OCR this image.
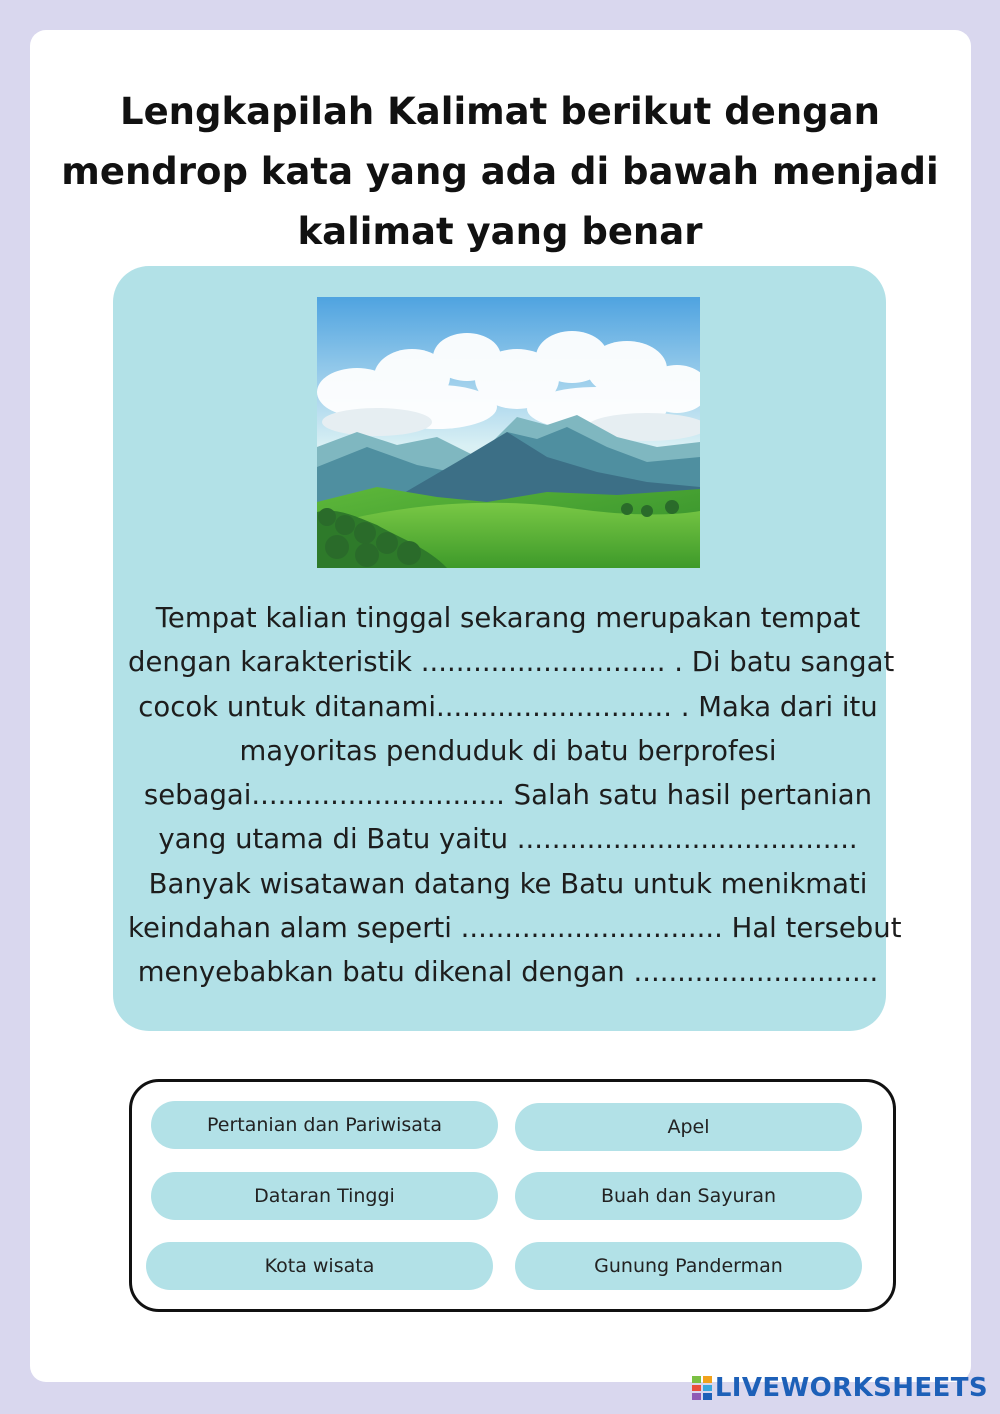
Lengkapilah Kalimat berikut dengan
mendrop kata yang ada di bawah menjadi
kalimat yang benar
Tempat kalian tinggal sekarang merupakan tempat
dengan karakteristik ............................ . Di batu sangat
cocok untuk ditanami........................... . Maka dari itu
mayoritas penduduk di batu berprofesi
sebagai............................. Salah satu hasil pertanian
yang utama di Batu yaitu .......................................
Banyak wisatawan datang ke Batu untuk menikmati
keindahan alam seperti .............................. Hal tersebut
menyebabkan batu dikenal dengan ............................
Pertanian dan Pariwisata	Apel
Dataran Tinggi	Buah dan Sayuran
Kota wisata	Gunung Panderman
LIVEWORKSHEETS
